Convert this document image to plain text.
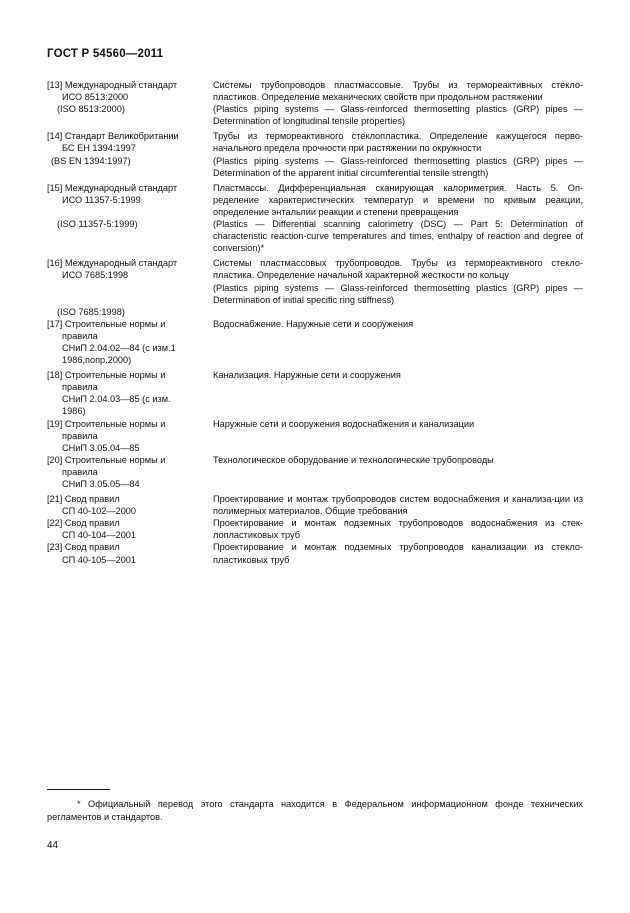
ГОСТ Р 54560—2011
[13] Международный стандарт
ИСО 8513:2000
(ISO 8513:2000)
Системы трубопроводов пластмассовые. Трубы из термореактивных стекло-пластиков. Определение механических свойств при продольном растяжении
(Plastics piping systems — Glass-reinforced thermosetting plastics (GRP) pipes — Determination of longitudinal tensile properties)
[14] Стандарт Великобритании
БС ЕН 1394:1997
(BS EN 1394:1997)
Трубы из термореактивного стеклопластика. Определение кажущегося перво-начального предела прочности при растяжении по окружности
(Plastics piping systems — Glass-reinforced thermosetting plastics (GRP) pipes — Determination of the apparent initial circumferential tensile strength)
[15] Международный стандарт
ИСО 11357-5:1999
(ISO 11357-5:1999)
Пластмассы. Дифференциальная сканирующая калориметрия. Часть 5. Оп-ределение характеристических температур и времени по кривым реакции, определение энтальпии реакции и степени превращения
(Plastics — Differential scanning calorimetry (DSC) — Part 5: Determination of characteristic reaction-curve temperatures and times, enthalpy of reaction and degree of conversion)*
[16] Международный стандарт
ИСО 7685:1998
(ISO 7685:1998)
Системы пластмассовых трубопроводов. Трубы из термореактивного стекло-пластика. Определение начальной характерной жесткости по кольцу
(Plastics piping systems — Glass-reinforced thermosetting plastics (GRP) pipes — Determination of initial specific ring stiffness)
[17] Строительные нормы и
правила
СНиП 2.04.02—84 (с изм.1
1986,попр.2000)
Водоснабжение. Наружные сети и сооружения
[18] Строительные нормы и
правила
СНиП 2.04.03—85 (с изм.
1986)
Канализация. Наружные сети и сооружения
[19] Строительные нормы и
правила
СНиП 3.05.04—85
Наружные сети и сооружения водоснабжения и канализации
[20] Строительные нормы и
правила
СНиП 3.05.05—84
Технологическое оборудование и технологические трубопроводы
[21] Свод правил
СП 40-102—2000
Проектирование и монтаж трубопроводов систем водоснабжения и канализа-ции из полимерных материалов. Общие требования
[22] Свод правил
СП 40-104—2001
Проектирование и монтаж подземных трубопроводов водоснабжения из стек-лопластиковых труб
[23] Свод правил
СП 40-105—2001
Проектирование и монтаж подземных трубопроводов канализации из стекло-пластиковых труб
* Официальный перевод этого стандарта находится в Федеральном информационном фонде технических регламентов и стандартов.
44
